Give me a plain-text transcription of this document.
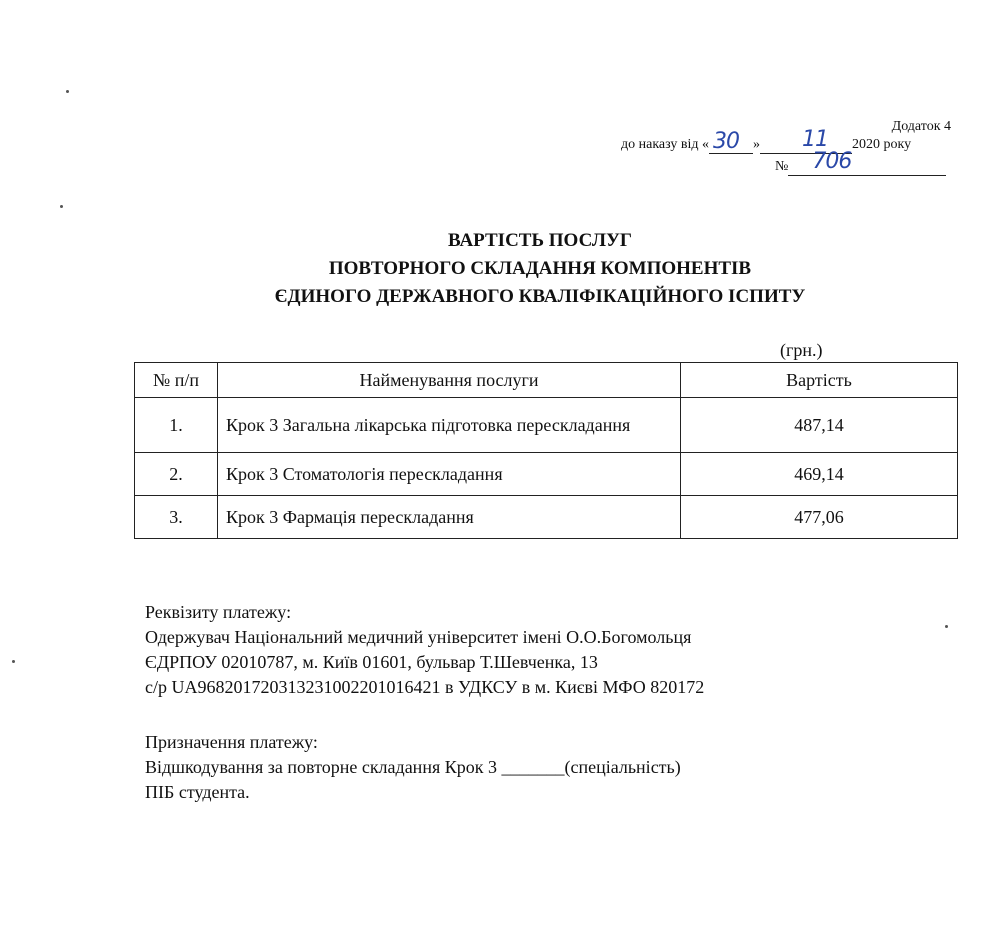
Додаток 4
до наказу від « 30 » 11 2020 року
№ 706
ВАРТІСТЬ ПОСЛУГ
ПОВТОРНОГО СКЛАДАННЯ КОМПОНЕНТІВ
ЄДИНОГО ДЕРЖАВНОГО КВАЛІФІКАЦІЙНОГО ІСПИТУ
(грн.)
№ п/п	Найменування послуги	Вартість
1.	Крок 3 Загальна лікарська підготовка перескладання	487,14
2.	Крок 3 Стоматологія перескладання	469,14
3.	Крок 3 Фармація перескладання	477,06
Реквізиту платежу:
Одержувач Національний медичний університет імені О.О.Богомольця
ЄДРПОУ 02010787, м. Київ 01601, бульвар Т.Шевченка, 13
с/р UA968201720313231002201016421 в УДКСУ в м. Києві МФО 820172
Призначення платежу:
Відшкодування за повторне складання Крок 3 _______(спеціальність)
ПІБ студента.
